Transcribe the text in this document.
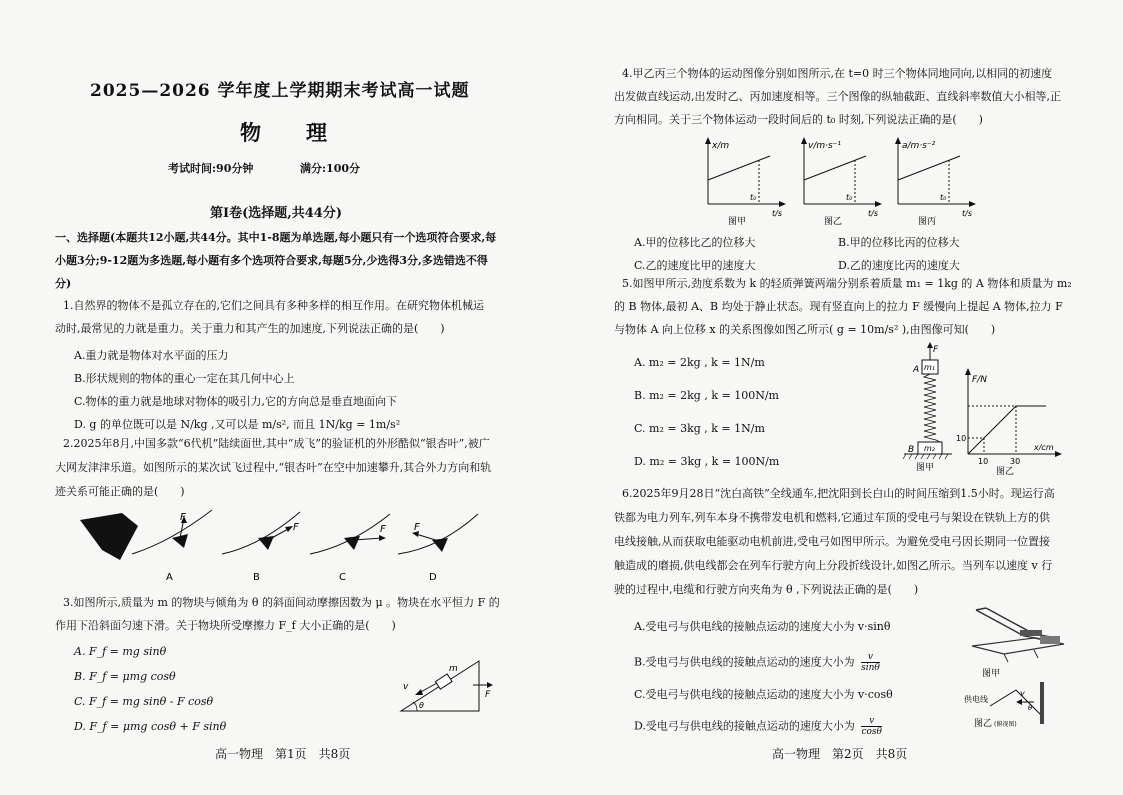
2025—2026 学年度上学期期末考试高一试题
物　理
考试时间:90分钟	满分:100分
第Ⅰ卷(选择题,共44分)
一、选择题(本题共12小题,共44分。其中1-8题为单选题,每小题只有一个选项符合要求,每
小题3分;9-12题为多选题,每小题有多个选项符合要求,每题5分,少选得3分,多选错选不得
分)
1.自然界的物体不是孤立存在的,它们之间具有多种多样的相互作用。在研究物体机械运
动时,最常见的力就是重力。关于重力和其产生的加速度,下列说法正确的是(　　)
A.重力就是物体对水平面的压力
B.形状规则的物体的重心一定在其几何中心上
C.物体的重力就是地球对物体的吸引力,它的方向总是垂直地面向下
D. g 的单位既可以是 N/kg ,又可以是 m/s², 而且 1N/kg = 1m/s²
2.2025年8月,中国多款“6代机”陆续面世,其中“成飞”的验证机的外形酷似“银杏叶”,被广
大网友津津乐道。如图所示的某次试飞过程中,“银杏叶”在空中加速攀升,其合外力方向和轨
迹关系可能正确的是(　　)
F
F	F	F
A	B	C	D
3.如图所示,质量为 m 的物块与倾角为 θ 的斜面间动摩擦因数为 μ 。物块在水平恒力 F 的
作用下沿斜面匀速下滑。关于物块所受摩擦力 F_f 大小正确的是(　　)
A. F_f = mg sinθ
B. F_f = μmg cosθ
C. F_f = mg sinθ - F cosθ
D. F_f = μmg cosθ + F sinθ
m
v
θ
F
高一物理　第1页　共8页
4.甲乙丙三个物体的运动图像分别如图所示,在 t=0 时三个物体同地同向,以相同的初速度
出发做直线运动,出发时乙、丙加速度相等。三个图像的纵轴截距、直线斜率数值大小相等,正
方向相同。关于三个物体运动一段时间后的 t₀ 时刻,下列说法正确的是(　　)
x/m
t₀
t/s
图甲
v/m·s⁻¹
t₀
t/s
图乙
a/m·s⁻²
t₀
t/s
图丙
A.甲的位移比乙的位移大	B.甲的位移比丙的位移大
C.乙的速度比甲的速度大	D.乙的速度比丙的速度大
5.如图甲所示,劲度系数为 k 的轻质弹簧两端分别系着质量 m₁ = 1kg 的 A 物体和质量为 m₂
的 B 物体,最初 A、B 均处于静止状态。现有竖直向上的拉力 F 缓慢向上提起 A 物体,拉力 F
与物体 A 向上位移 x 的关系图像如图乙所示( g = 10m/s² ),由图像可知(　　)
A. m₂ = 2kg , k = 1N/m
B. m₂ = 2kg , k = 100N/m
C. m₂ = 3kg , k = 1N/m
D. m₂ = 3kg , k = 100N/m
F
m₁
A
m₂
B
图甲
F/N
x/cm
10
10	30
图乙
6.2025年9月28日“沈白高铁”全线通车,把沈阳到长白山的时间压缩到1.5小时。现运行高
铁都为电力列车,列车本身不携带发电机和燃料,它通过车顶的受电弓与架设在铁轨上方的供
电线接触,从而获取电能驱动电机前进,受电弓如图甲所示。为避免受电弓因长期同一位置接
触造成的磨损,供电线都会在列车行驶方向上分段折线设计,如图乙所示。当列车以速度 v 行
驶的过程中,电缆和行驶方向夹角为 θ ,下列说法正确的是(　　)
A.受电弓与供电线的接触点运动的速度大小为 v·sinθ
B.受电弓与供电线的接触点运动的速度大小为 $\frac{v}{\sin\theta}$
C.受电弓与供电线的接触点运动的速度大小为 v·cosθ
D.受电弓与供电线的接触点运动的速度大小为 $\frac{v}{\cos\theta}$
图甲
供电线
v
θ
图乙 (俯视图)
高一物理　第2页　共8页
